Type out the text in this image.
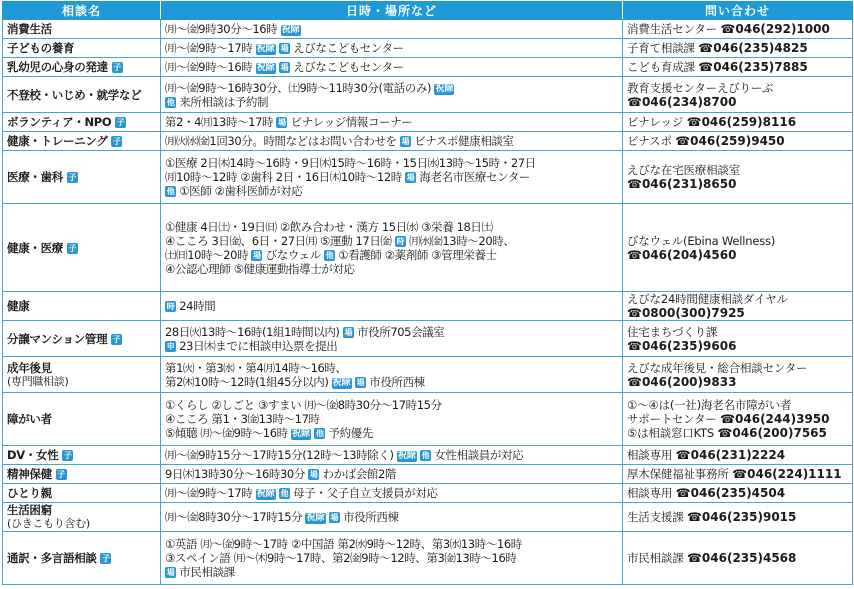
相談名	日時・場所など	問い合わせ
消費生活	㈪〜㈮9時30分〜16時 祝除	消費生活センター ☎046(292)1000

子どもの養育	㈪〜㈮9時〜17時 祝除 場 えびなこどもセンター	子育て相談課 ☎046(235)4825

乳幼児の心身の発達 子	㈪〜㈮9時〜16時 祝除 場 えびなこどもセンター	こども育成課 ☎046(235)7885

不登校・いじめ・就学など	㈪〜㈮9時〜16時30分、㈯9時〜11時30分(電話のみ) 祝除
他 来所相談は予約制	教育支援センターえびりーぶ
☎046(234)8700

ボランティア・NPO 子	第2・4㈪13時〜17時 場 ビナレッジ情報コーナー	ビナレッジ ☎046(259)8116

健康・トレーニング 子	㈪㈫㈬㈮1回30分。時間などはお問い合わせを 場 ビナスポ健康相談室	ビナスポ ☎046(259)9450

医療・歯科 子	①医療 2日㈭14時〜16時・9日㈭15時〜16時・15日㈬13時〜15時・27日
㈪10時〜12時 ②歯科 2日・16日㈭10時〜12時 場 海老名市医療センター
他 ①医師 ②歯科医師が対応	えびな在宅医療相談室
☎046(231)8650

健康・医療 子	①健康 4日㈯・19日㈰ ②飲み合わせ・漢方 15日㈬ ③栄養 18日㈯
④こころ 3日㈮、6日・27日㈪ ⑤運動 17日㈮ 時 ㈪㈬㈮13時〜20時、
㈯㈰10時〜20時 場 びなウェル 他 ①看護師 ②薬剤師 ③管理栄養士
④公認心理師 ⑤健康運動指導士が対応	びなウェル(Ebina Wellness)
☎046(204)4560

健康	時 24時間	えびな24時間健康相談ダイヤル
☎0800(300)7925

分譲マンション管理 子	28日㈫13時〜16時(1組1時間以内) 場 市役所705会議室
申 23日㈭までに相談申込票を提出	住宅まちづくり課
☎046(235)9606

成年後見
(専門職相談)	第1㈫・第3㈬・第4㈪14時〜16時、
第2㈭10時〜12時(1組45分以内) 祝除 場 市役所西棟	えびな成年後見・総合相談センター
☎046(200)9833

障がい者	①くらし ②しごと ③すまい ㈪〜㈮8時30分〜17時15分
④こころ 第1・3㈮13時〜17時
⑤傾聴 ㈪〜㈮9時〜16時 祝除 他 予約優先	①〜④は(一社)海老名市障がい者
サポートセンター ☎046(244)3950
⑤は相談窓口KTS ☎046(200)7565

DV・女性 子	㈪〜㈮9時15分〜17時15分(12時〜13時除く) 祝除 他 女性相談員が対応	相談専用 ☎046(231)2224

精神保健 子	9日㈭13時30分〜16時30分 場 わかば会館2階	厚木保健福祉事務所 ☎046(224)1111

ひとり親	㈪〜㈮9時〜17時 祝除 他 母子・父子自立支援員が対応	相談専用 ☎046(235)4504

生活困窮
(ひきこもり含む)	㈪〜㈮8時30分〜17時15分 祝除 場 市役所西棟	生活支援課 ☎046(235)9015

通訳・多言語相談 子	①英語 ㈪〜㈮9時〜17時 ②中国語 第2㈬9時〜12時、第3㈬13時〜16時
③スペイン語 ㈪〜㈭9時〜17時、第2㈮9時〜12時、第3㈮13時〜16時
場 市民相談課	市民相談課 ☎046(235)4568
